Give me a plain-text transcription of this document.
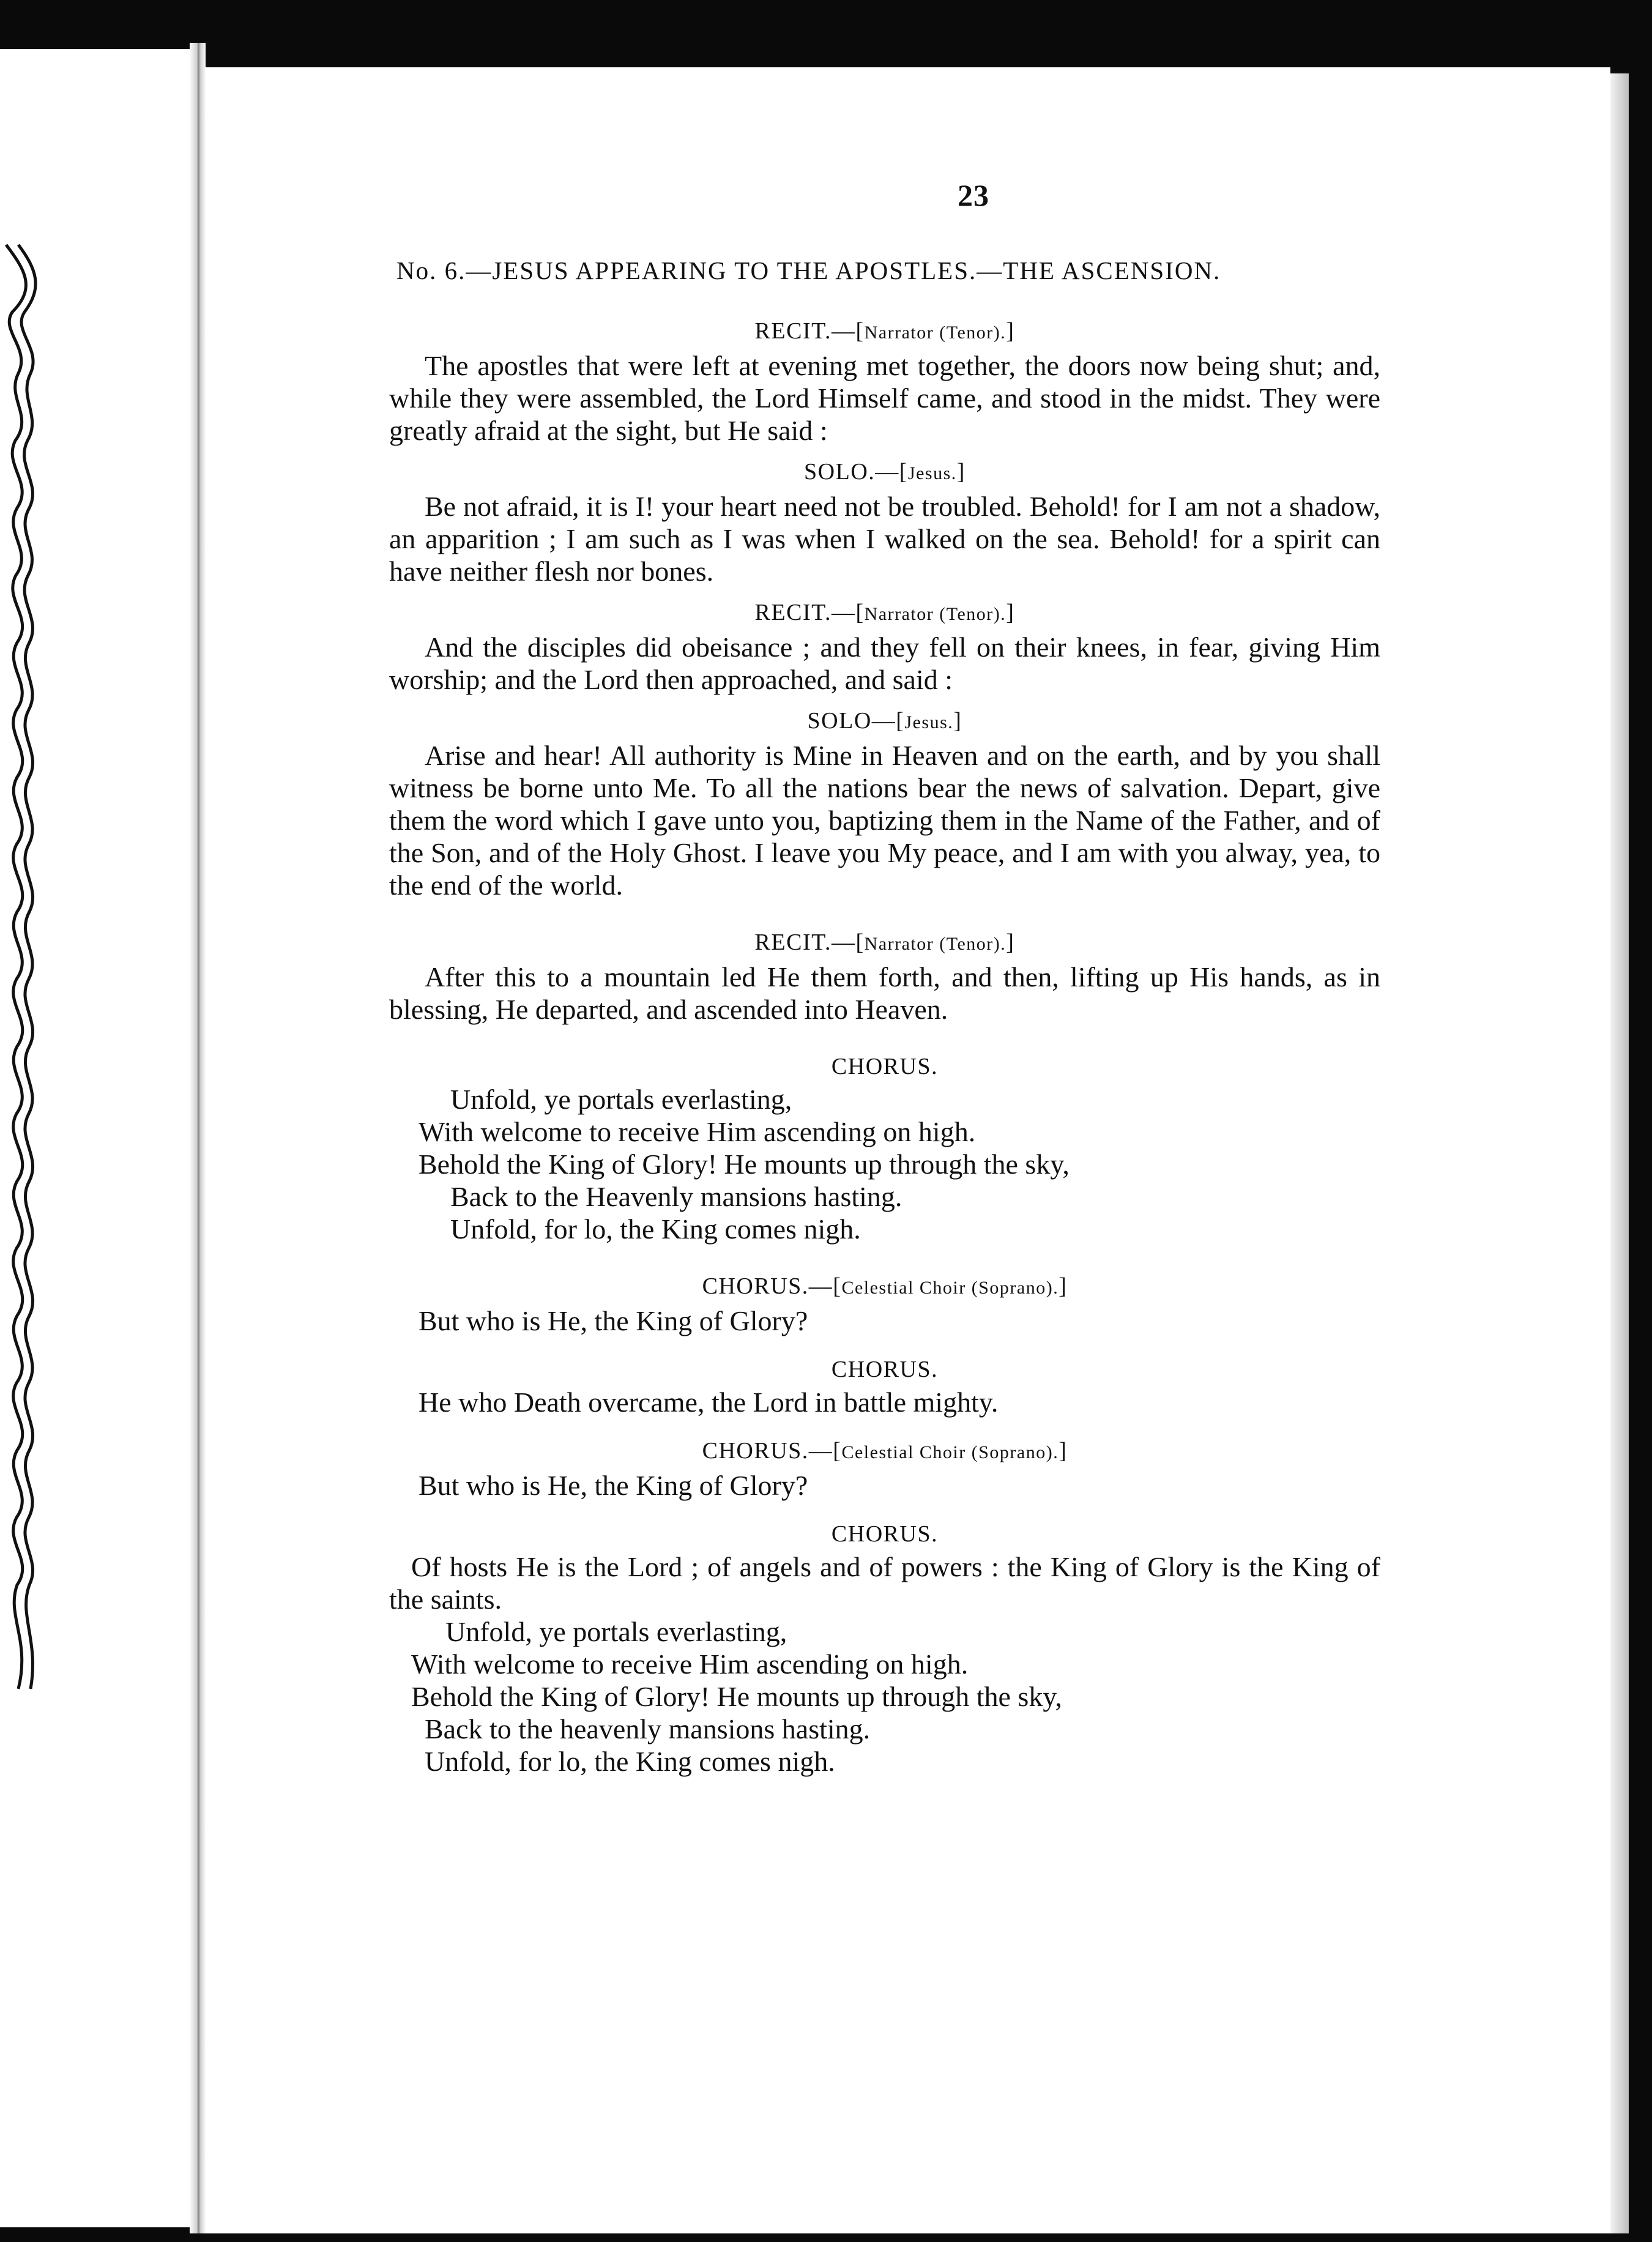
23

No. 6.—JESUS APPEARING TO THE APOSTLES.—THE ASCENSION.

RECIT.—[Narrator (Tenor).]

The apostles that were left at evening met together, the doors now being shut; and, while they were assembled, the Lord Himself came, and stood in the midst. They were greatly afraid at the sight, but He said :

SOLO.—[Jesus.]

Be not afraid, it is I! your heart need not be troubled. Behold! for I am not a shadow, an apparition ; I am such as I was when I walked on the sea. Behold! for a spirit can have neither flesh nor bones.

RECIT.—[Narrator (Tenor).]

And the disciples did obeisance ; and they fell on their knees, in fear, giving Him worship; and the Lord then approached, and said :

SOLO—[Jesus.]

Arise and hear! All authority is Mine in Heaven and on the earth, and by you shall witness be borne unto Me. To all the nations bear the news of salvation. Depart, give them the word which I gave unto you, baptizing them in the Name of the Father, and of the Son, and of the Holy Ghost. I leave you My peace, and I am with you alway, yea, to the end of the world.

RECIT.—[Narrator (Tenor).]

After this to a mountain led He them forth, and then, lifting up His hands, as in blessing, He departed, and ascended into Heaven.

CHORUS.

Unfold, ye portals everlasting,

With welcome to receive Him ascending on high.

Behold the King of Glory! He mounts up through the sky,

Back to the Heavenly mansions hasting.

Unfold, for lo, the King comes nigh.

CHORUS.—[Celestial Choir (Soprano).]

But who is He, the King of Glory?

CHORUS.

He who Death overcame, the Lord in battle mighty.

CHORUS.—[Celestial Choir (Soprano).]

But who is He, the King of Glory?

CHORUS.

Of hosts He is the Lord ; of angels and of powers : the King of Glory is the King of the saints.

Unfold, ye portals everlasting,

With welcome to receive Him ascending on high.

Behold the King of Glory! He mounts up through the sky,

Back to the heavenly mansions hasting.

Unfold, for lo, the King comes nigh.
